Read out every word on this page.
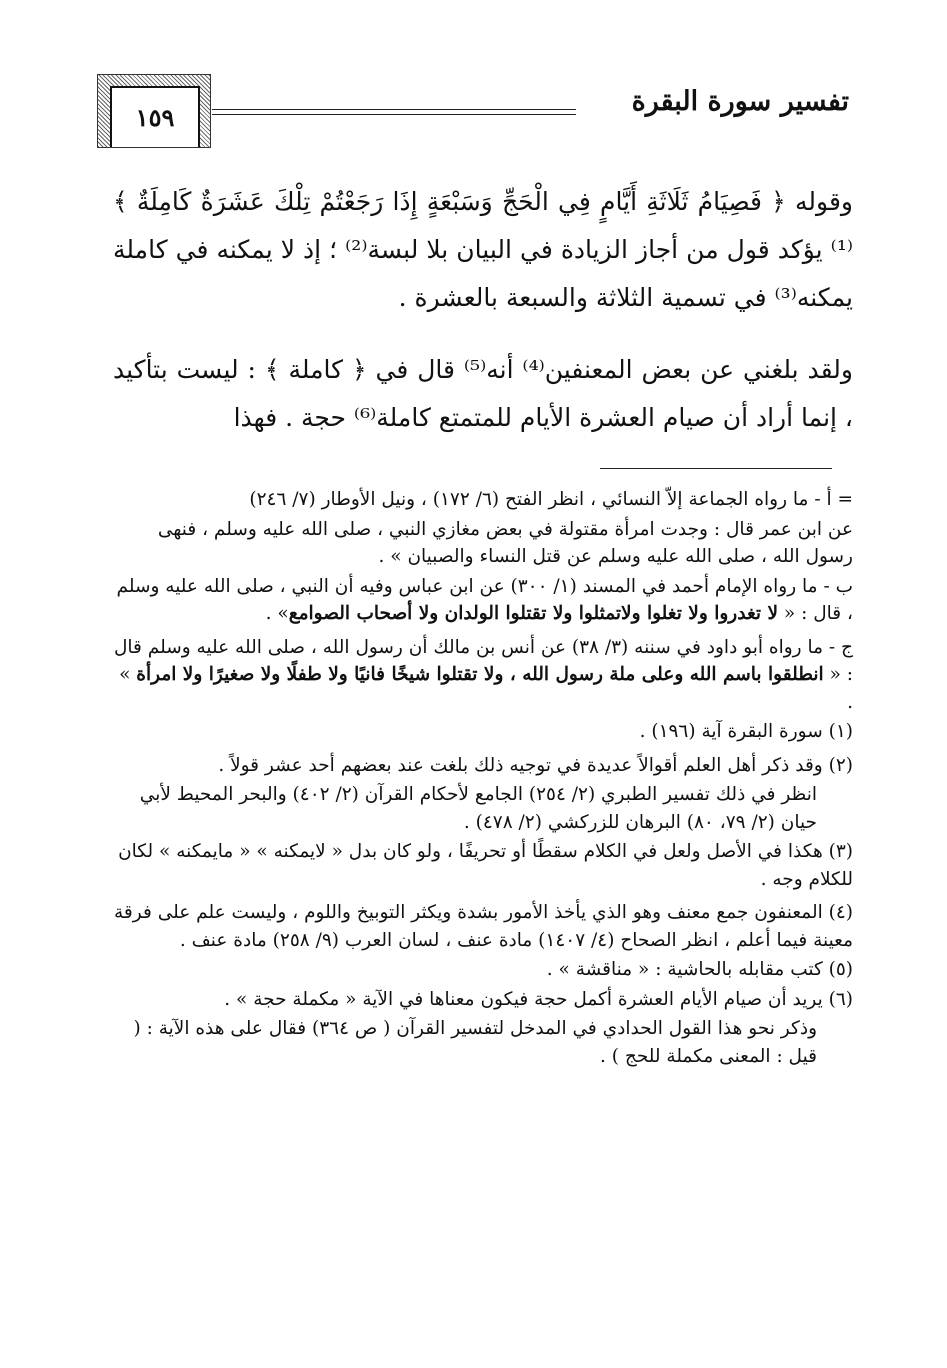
تفسير سورة البقرة
١٥٩
وقوله ﴿ فَصِيَامُ ثَلَاثَةِ أَيَّامٍ فِي الْحَجِّ وَسَبْعَةٍ إِذَا رَجَعْتُمْ تِلْكَ عَشَرَةٌ كَامِلَةٌ ﴾⁽¹⁾ يؤكد قول من أجاز الزيادة في البيان بلا لبسة⁽²⁾ ؛ إذ لا يمكنه في كاملة يمكنه⁽³⁾ في تسمية الثلاثة والسبعة بالعشرة .
ولقد بلغني عن بعض المعنفين⁽⁴⁾ أنه⁽⁵⁾ قال في ﴿ كاملة ﴾ : ليست بتأكيد ، إنما أراد أن صيام العشرة الأيام للمتمتع كاملة⁽⁶⁾ حجة . فهذا
= أ - ما رواه الجماعة إلاّ النسائي ، انظر الفتح (٦/ ١٧٢) ، ونيل الأوطار (٧/ ٢٤٦)
عن ابن عمر قال : وجدت امرأة مقتولة في بعض مغازي النبي ، صلى الله عليه وسلم ، فنهى رسول الله ، صلى الله عليه وسلم عن قتل النساء والصبيان » .
ب - ما رواه الإمام أحمد في المسند (١/ ٣٠٠) عن ابن عباس وفيه أن النبي ، صلى الله عليه وسلم ، قال : « لا تغدروا ولا تغلوا ولاتمثلوا ولا تقتلوا الولدان ولا أصحاب الصوامع» .
ج - ما رواه أبو داود في سننه (٣/ ٣٨) عن أنس بن مالك أن رسول الله ، صلى الله عليه وسلم قال : « انطلقوا باسم الله وعلى ملة رسول الله ، ولا تقتلوا شيخًا فانيًا ولا طفلًا ولا صغيرًا ولا امرأة » .
(١) سورة البقرة آية (١٩٦) .
(٢) وقد ذكر أهل العلم أقوالاً عديدة في توجيه ذلك بلغت عند بعضهم أحد عشر قولاً .
انظر في ذلك تفسير الطبري (٢/ ٢٥٤) الجامع لأحكام القرآن (٢/ ٤٠٢) والبحر المحيط لأبي حيان (٢/ ٧٩، ٨٠) البرهان للزركشي (٢/ ٤٧٨) .
(٣) هكذا في الأصل ولعل في الكلام سقطًا أو تحريفًا ، ولو كان بدل « لايمكنه » « مايمكنه » لكان للكلام وجه .
(٤) المعنفون جمع معنف وهو الذي يأخذ الأمور بشدة ويكثر التوبيخ واللوم ، وليست علم على فرقة معينة فيما أعلم ، انظر الصحاح (٤/ ١٤٠٧) مادة عنف ، لسان العرب (٩/ ٢٥٨) مادة عنف .
(٥) كتب مقابله بالحاشية : « مناقشة » .
(٦) يريد أن صيام الأيام العشرة أكمل حجة فيكون معناها في الآية « مكملة حجة » .
وذكر نحو هذا القول الحدادي في المدخل لتفسير القرآن ( ص ٣٦٤) فقال على هذه الآية : ( قيل : المعنى مكملة للحج ) .
